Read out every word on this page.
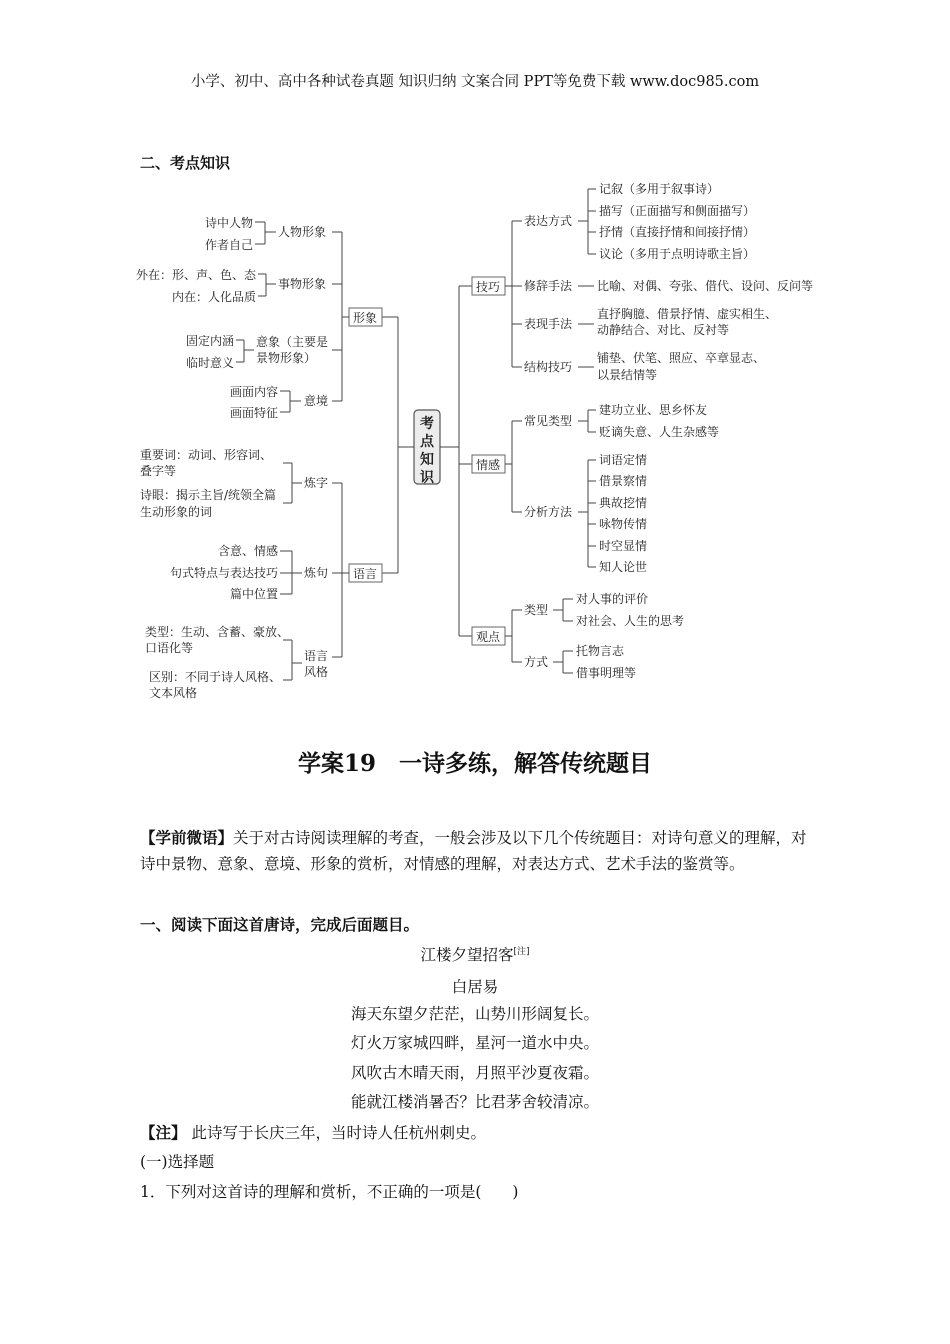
小学、初中、高中各种试卷真题 知识归纳 文案合同 PPT等免费下载 www.doc985.com
二、考点知识
考
点
知
识
形象
人物形象
诗中人物
作者自己
事物形象
外在：形、声、色、态
内在：人化品质
意象（主要是
景物形象）
固定内涵
临时意义
意境
画面内容
画面特征
语言
炼字
重要词：动词、形容词、
叠字等
诗眼：揭示主旨/统领全篇
生动形象的词
炼句
含意、情感
句式特点与表达技巧
篇中位置
语言
风格
类型：生动、含蓄、豪放、
口语化等
区别：不同于诗人风格、
文本风格
技巧
表达方式
记叙（多用于叙事诗）
描写（正面描写和侧面描写）
抒情（直接抒情和间接抒情）
议论（多用于点明诗歌主旨）
修辞手法 比喻、对偶、夸张、借代、设问、反问等
表现手法
直抒胸臆、借景抒情、虚实相生、
动静结合、对比、反衬等
结构技巧
铺垫、伏笔、照应、卒章显志、
以景结情等
情感
常见类型
建功立业、思乡怀友
贬谪失意、人生杂感等
分析方法
词语定情
借景察情
典故挖情
咏物传情
时空显情
知人论世
观点
类型
对人事的评价
对社会、人生的思考
方式
托物言志
借事明理等
学案19　一诗多练，解答传统题目
【学前微语】关于对古诗阅读理解的考查，一般会涉及以下几个传统题目：对诗句意义的理解，对诗中景物、意象、意境、形象的赏析，对情感的理解，对表达方式、艺术手法的鉴赏等。
一、阅读下面这首唐诗，完成后面题目。
江楼夕望招客[注]
白居易
海天东望夕茫茫，山势川形阔复长。
灯火万家城四畔，星河一道水中央。
风吹古木晴天雨，月照平沙夏夜霜。
能就江楼消暑否？比君茅舍较清凉。
【注】 此诗写于长庆三年，当时诗人任杭州刺史。
(一)选择题
1．下列对这首诗的理解和赏析，不正确的一项是(　　)
